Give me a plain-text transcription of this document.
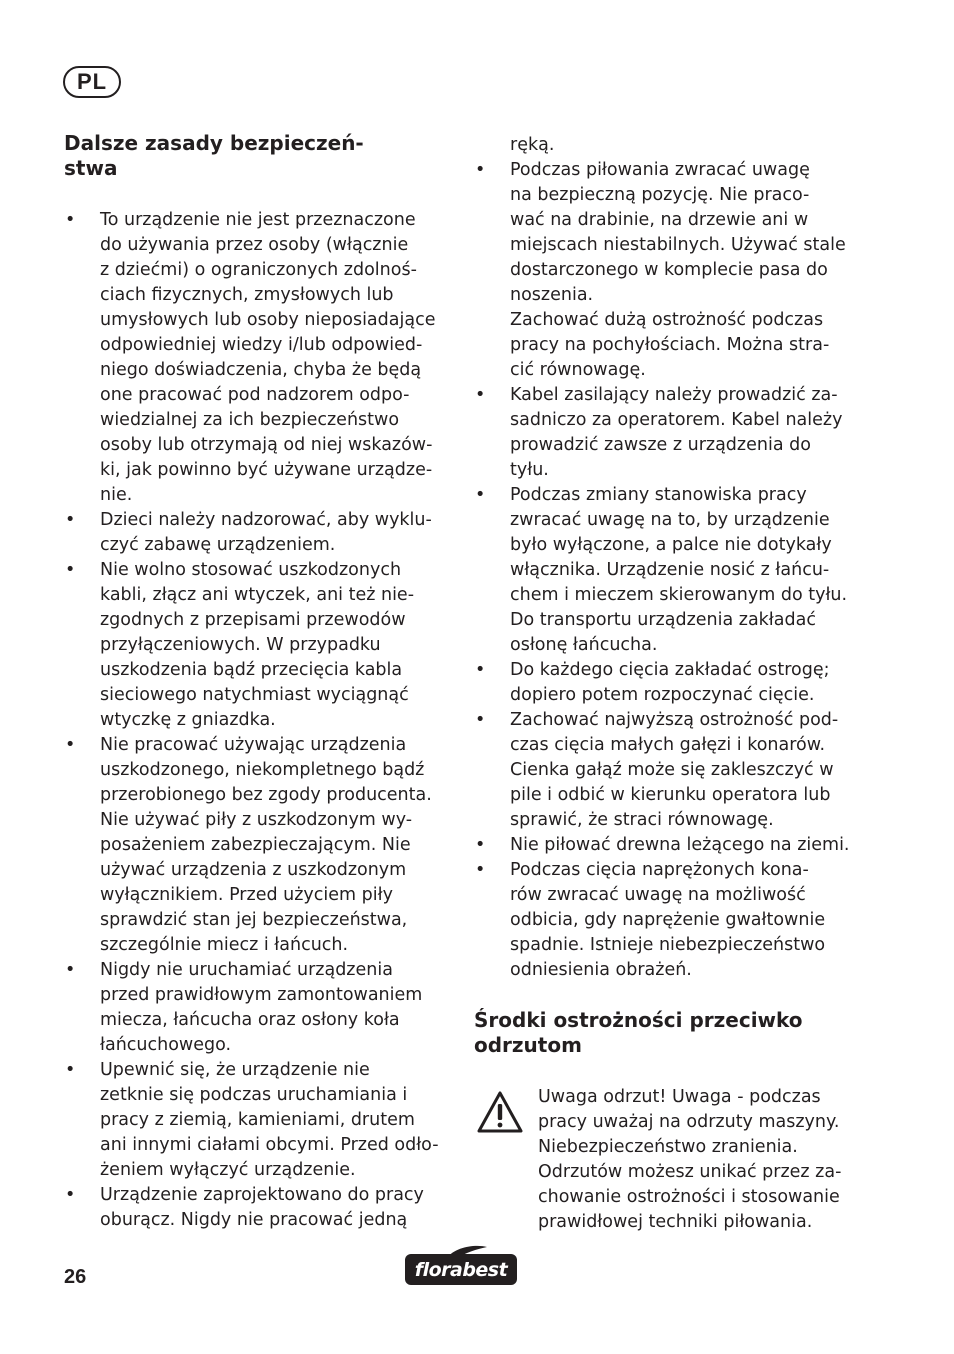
PL
Dalsze zasady bezpieczeń-
stwa
• To urządzenie nie jest przeznaczone
do używania przez osoby (włącznie
z dziećmi) o ograniczonych zdolnoś-
ciach fizycznych, zmysłowych lub
umysłowych lub osoby nieposiadające
odpowiedniej wiedzy i/lub odpowied-
niego doświadczenia, chyba że będą
one pracować pod nadzorem odpo-
wiedzialnej za ich bezpieczeństwo
osoby lub otrzymają od niej wskazów-
ki, jak powinno być używane urządze-
nie.
• Dzieci należy nadzorować, aby wyklu-
czyć zabawę urządzeniem.
• Nie wolno stosować uszkodzonych
kabli, złącz ani wtyczek, ani też nie-
zgodnych z przepisami przewodów
przyłączeniowych. W przypadku
uszkodzenia bądź przecięcia kabla
sieciowego natychmiast wyciągnąć
wtyczkę z gniazdka.
• Nie pracować używając urządzenia
uszkodzonego, niekompletnego bądź
przerobionego bez zgody producenta.
Nie używać piły z uszkodzonym wy-
posażeniem zabezpieczającym. Nie
używać urządzenia z uszkodzonym
wyłącznikiem. Przed użyciem piły
sprawdzić stan jej bezpieczeństwa,
szczególnie miecz i łańcuch.
• Nigdy nie uruchamiać urządzenia
przed prawidłowym zamontowaniem
miecza, łańcucha oraz osłony koła
łańcuchowego.
• Upewnić się, że urządzenie nie
zetknie się podczas uruchamiania i
pracy z ziemią, kamieniami, drutem
ani innymi ciałami obcymi. Przed odło-
żeniem wyłączyć urządzenie.
• Urządzenie zaprojektowano do pracy
oburącz. Nigdy nie pracować jedną

ręką.

• Podczas piłowania zwracać uwagę
na bezpieczną pozycję. Nie praco-
wać na drabinie, na drzewie ani w
miejscach niestabilnych. Używać stale
dostarczonego w komplecie pasa do
noszenia.
Zachować dużą ostrożność podczas
pracy na pochyłościach. Można stra-
cić równowagę.
• Kabel zasilający należy prowadzić za-
sadniczo za operatorem. Kabel należy
prowadzić zawsze z urządzenia do
tyłu.
• Podczas zmiany stanowiska pracy
zwracać uwagę na to, by urządzenie
było wyłączone, a palce nie dotykały
włącznika. Urządzenie nosić z łańcu-
chem i mieczem skierowanym do tyłu.
Do transportu urządzenia zakładać
osłonę łańcucha.
• Do każdego cięcia zakładać ostrogę;
dopiero potem rozpoczynać cięcie.
• Zachować najwyższą ostrożność pod-
czas cięcia małych gałęzi i konarów.
Cienka gałąź może się zakleszczyć w
pile i odbić w kierunku operatora lub
sprawić, że straci równowagę.
• Nie piłować drewna leżącego na ziemi.
• Podczas cięcia naprężonych kona-
rów zwracać uwagę na możliwość
odbicia, gdy naprężenie gwałtownie
spadnie. Istnieje niebezpieczeństwo
odniesienia obrażeń.
Środki ostrożności przeciwko
odrzutom

Uwaga odrzut! Uwaga - podczas
pracy uważaj na odrzuty maszyny.
Niebezpieczeństwo zranienia.
Odrzutów możesz unikać przez za-
chowanie ostrożności i stosowanie
prawidłowej techniki piłowania.

26	florabest
